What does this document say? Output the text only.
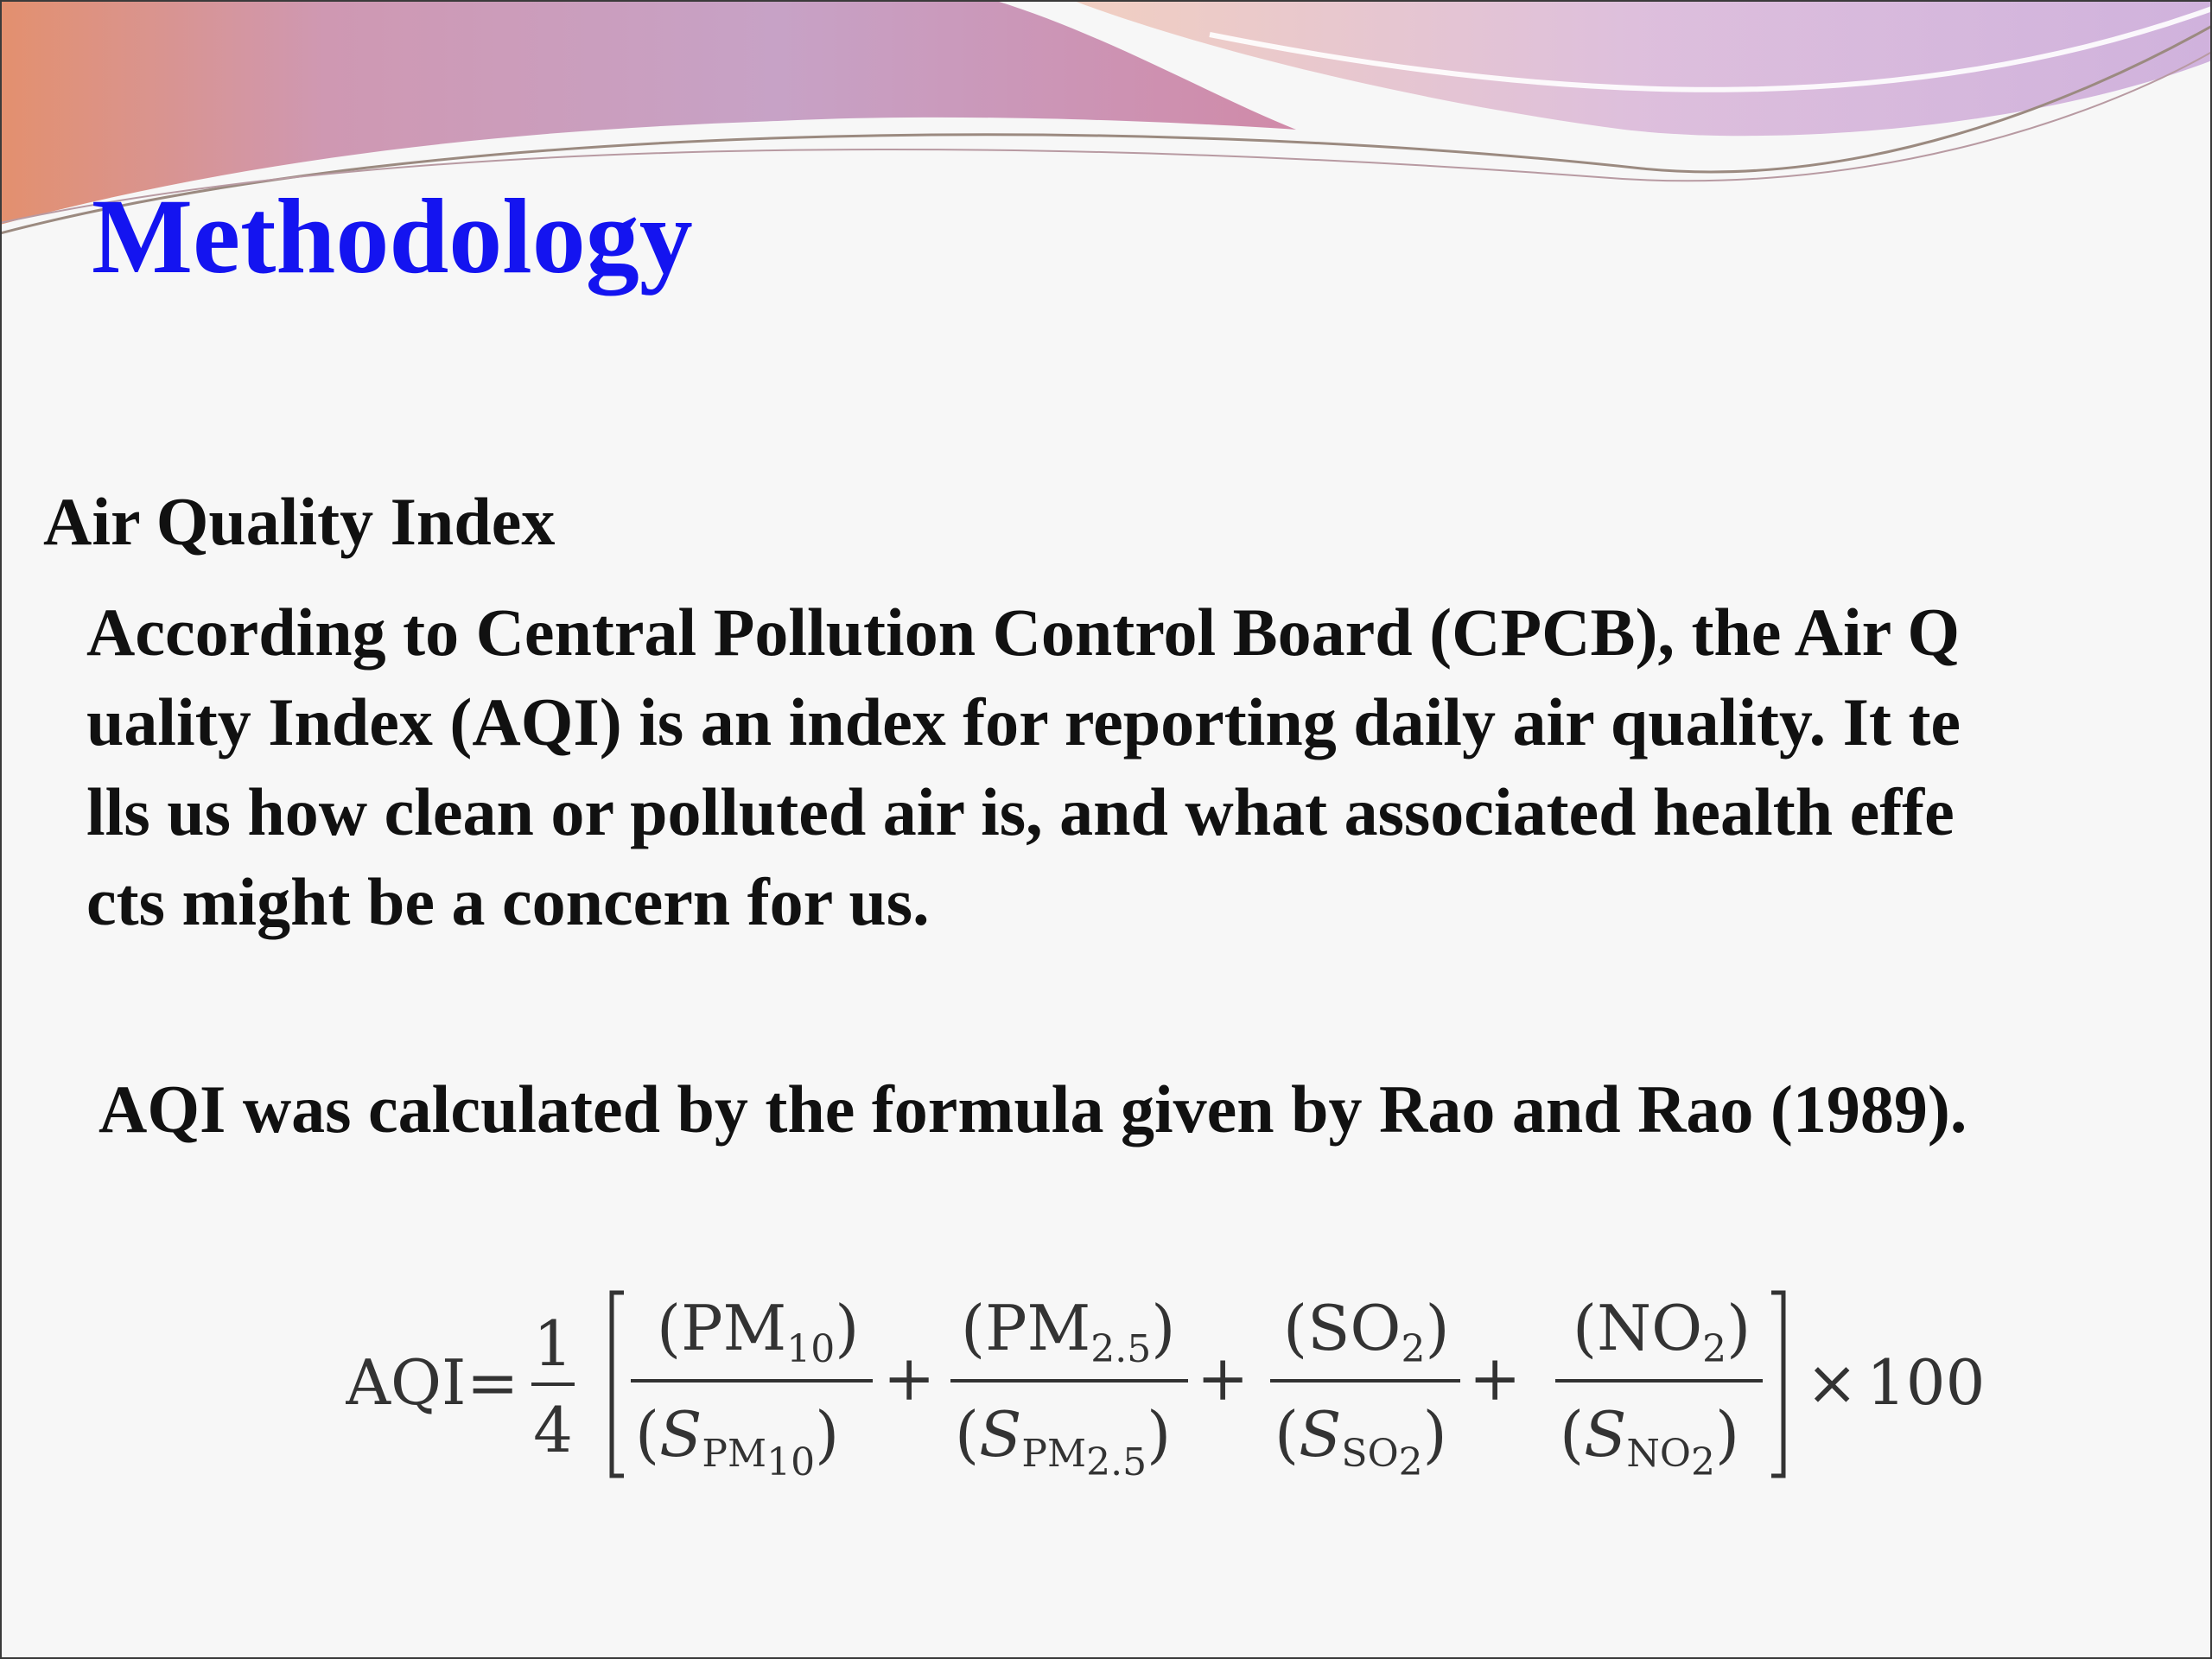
Methodology
Air Quality Index
According to Central Pollution Control Board (CPCB), the Air Q
uality Index (AQI) is an index for reporting daily air quality. It te
lls us how clean or polluted air is, and what associated health effe
cts might be a concern for us.
AQI was calculated by the formula given by Rao and Rao (1989).
AQI =
1
4
(PM10)
(SPM10)
+
(PM2.5)
(SPM2.5)
+
(SO2)
(SSO2)
+
(NO2)
(SNO2)
× 100
